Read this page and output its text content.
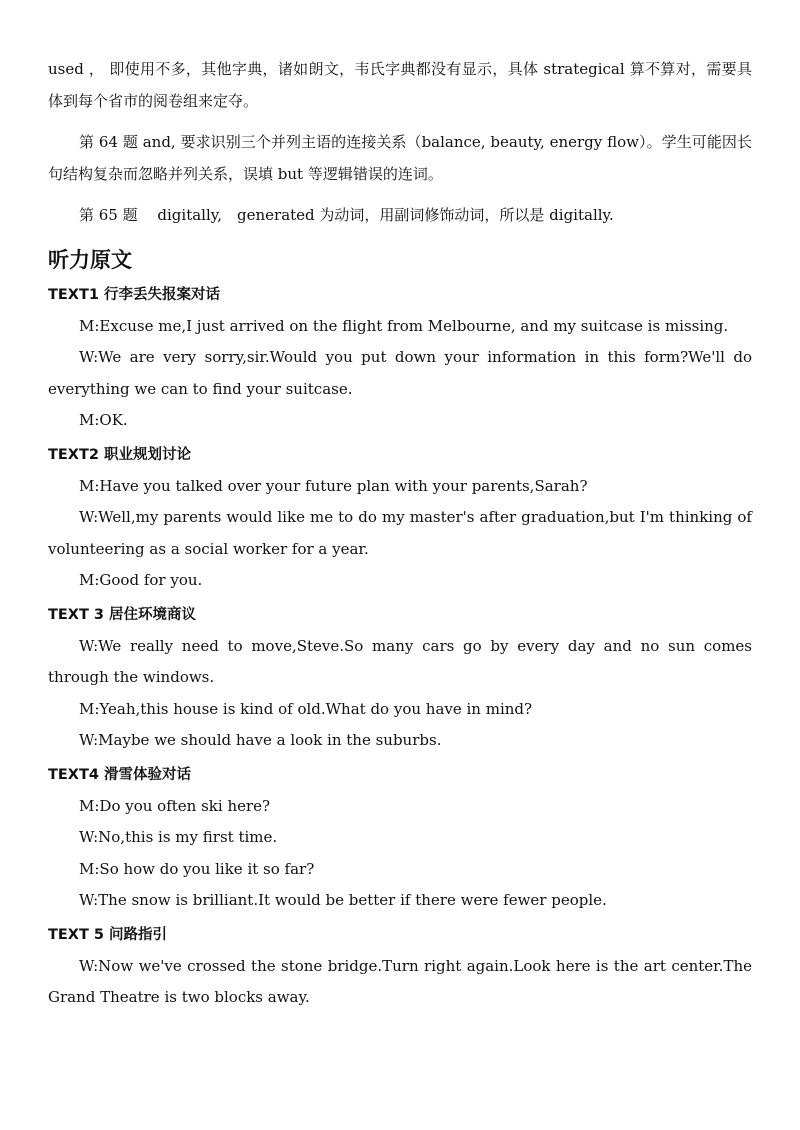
used ， 即使用不多，其他字典，诸如朗文，韦氏字典都没有显示，具体 strategical 算不算对，需要具体到每个省市的阅卷组来定夺。

第 64 题 and, 要求识别三个并列主语的连接关系（balance, beauty, energy flow）。学生可能因长句结构复杂而忽略并列关系，误填 but 等逻辑错误的连词。

第 65 题　 digitally,　generated 为动词，用副词修饰动词，所以是 digitally.

听力原文
TEXT1 行李丢失报案对话

M:Excuse me,I just arrived on the flight from Melbourne, and my suitcase is missing.

W:We are very sorry,sir.Would you put down your information in this form?We'll do everything we can to find your suitcase.

M:OK.

TEXT2 职业规划讨论

M:Have you talked over your future plan with your parents,Sarah?

W:Well,my parents would like me to do my master's after graduation,but I'm thinking of volunteering as a social worker for a year.

M:Good for you.

TEXT 3 居住环境商议

W:We really need to move,Steve.So many cars go by every day and no sun comes through the windows.

M:Yeah,this house is kind of old.What do you have in mind?

W:Maybe we should have a look in the suburbs.

TEXT4 滑雪体验对话

M:Do you often ski here?

W:No,this is my first time.

M:So how do you like it so far?

W:The snow is brilliant.It would be better if there were fewer people.

TEXT 5 问路指引

W:Now we've crossed the stone bridge.Turn right again.Look here is the art center.The Grand Theatre is two blocks away.
